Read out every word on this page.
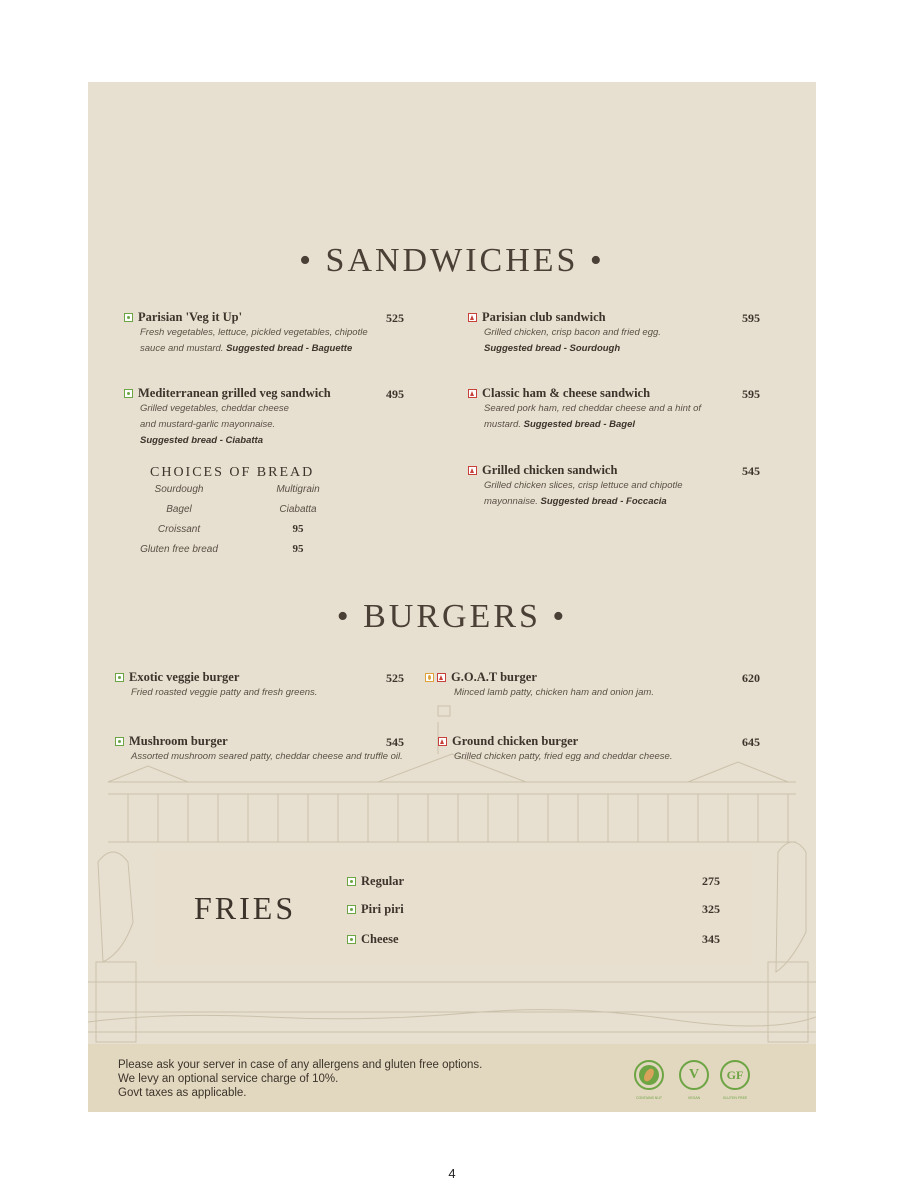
• SANDWICHES •
Parisian 'Veg it Up'
Fresh vegetables, lettuce, pickled vegetables, chipotle
sauce and mustard. Suggested bread - Baguette
525
Mediterranean grilled veg sandwich
Grilled vegetables, cheddar cheese
and mustard-garlic mayonnaise.
Suggested bread - Ciabatta
495
CHOICES OF BREAD
Sourdough	Multigrain
Bagel	Ciabatta
Croissant	95
Gluten free bread	95
Parisian club sandwich
Grilled chicken, crisp bacon and fried egg.
Suggested bread - Sourdough
595
Classic ham & cheese sandwich
Seared pork ham, red cheddar cheese and a hint of
mustard. Suggested bread - Bagel
595
Grilled chicken sandwich
Grilled chicken slices, crisp lettuce and chipotle
mayonnaise. Suggested bread - Foccacia
545
• BURGERS •
Exotic veggie burger
Fried roasted veggie patty and fresh greens.
525
Mushroom burger
Assorted mushroom seared patty, cheddar cheese and truffle oil.
545
G.O.A.T burger
Minced lamb patty, chicken ham and onion jam.
620
Ground chicken burger
Grilled chicken patty, fried egg and cheddar cheese.
645
FRIES
Regular	275
Piri piri	325
Cheese	345
Please ask your server in case of any allergens and gluten free options.
We levy an optional service charge of 10%.
Govt taxes as applicable.	CONTAINS NUT
V
VEGAN
GF
GLUTEN FREE
4
